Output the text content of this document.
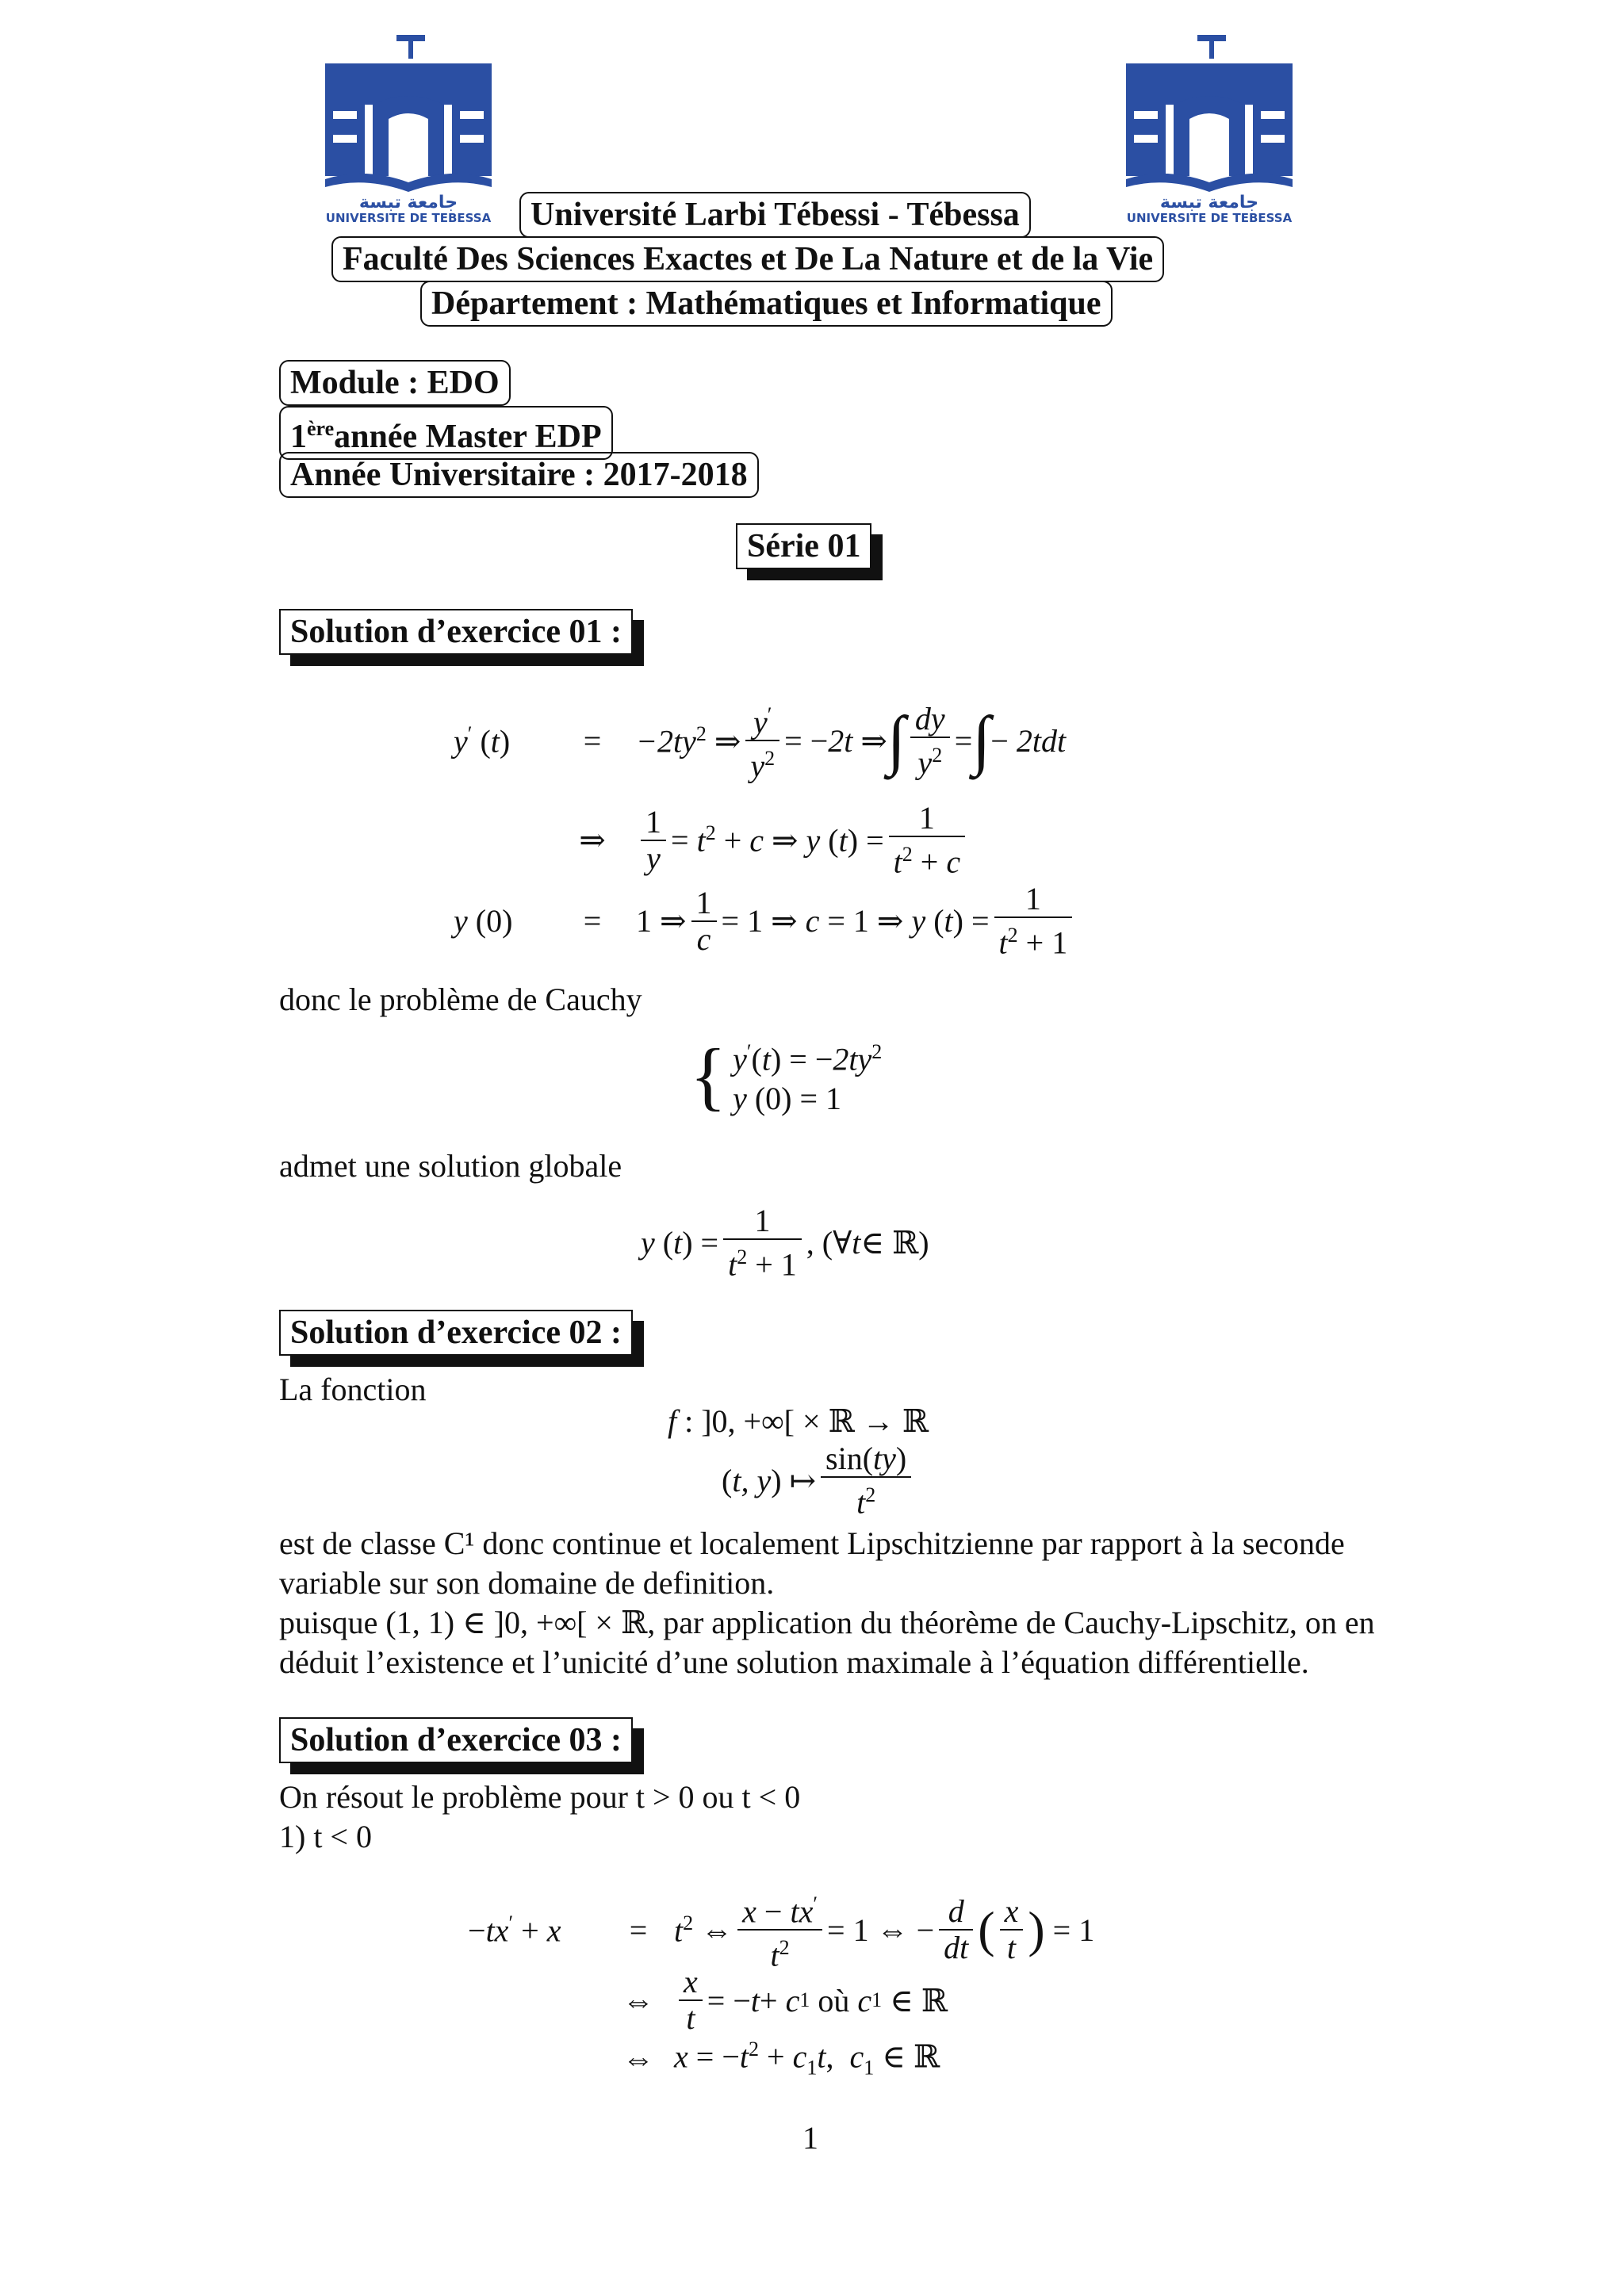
جامعة تبسة
UNIVERSITE DE TEBESSA
جامعة تبسة
UNIVERSITE DE TEBESSA
Université Larbi Tébessi - Tébessa
Faculté Des Sciences Exactes et De La Nature et de la Vie
Département : Mathématiques et Informatique
Module : EDO
1èreannée Master EDP
Année Universitaire : 2017-2018
Série 01
Solution d’exercice 01 :
y′ (t)	=	$-2ty^2$ ⇒ $\frac{y'}{y^2}$ = − 2t ⇒ ∫ $\frac{dy}{y^2}$ = ∫ − 2tdt
⇒	$\frac{1}{y}$ =
$t^2 + c$ ⇒ y $(t) = \frac{1}{t^2 + c}$
y (0)	=	1 ⇒ $\frac{1}{c} = 1$ ⇒
c = 1 ⇒ y $(t) = \frac{1}{t^2 + 1}$
donc le problème de Cauchy
{ $y'(t) = -2ty^2$
y (0) = 1
admet une solution globale
y $(t) = \frac{1}{t^2 + 1}$ , (∀ t ∈ ℝ)
Solution d’exercice 02 :
La fonction
f : ]0, +∞[ × ℝ → ℝ
(t, y) ↦ $\frac{\sin(ty)}{t^2}$
est de classe C¹ donc continue et localement Lipschitzienne par rapport à la seconde variable sur son domaine de definition.
puisque (1, 1) ∈ ]0, +∞[ × ℝ, par application du théorème de Cauchy-Lipschitz, on en déduit l’existence et l’unicité d’une solution maximale à l’équation différentielle.
Solution d’exercice 03 :
On résout le problème pour t > 0 ou t < 0
1) t < 0
−tx′ + x	= $t^2$ ⇔ $\frac{x - tx'}{t^2} = 1$ ⇔ − $\frac{d}{dt}$ ( $\frac{x}{t}$ ) = 1
⇔ $\frac{x}{t}$ = − t + c 1
où c 1
∈ ℝ
⇔ $x = -t^2 + c_1t$,  $c_1$ ∈ ℝ
1
